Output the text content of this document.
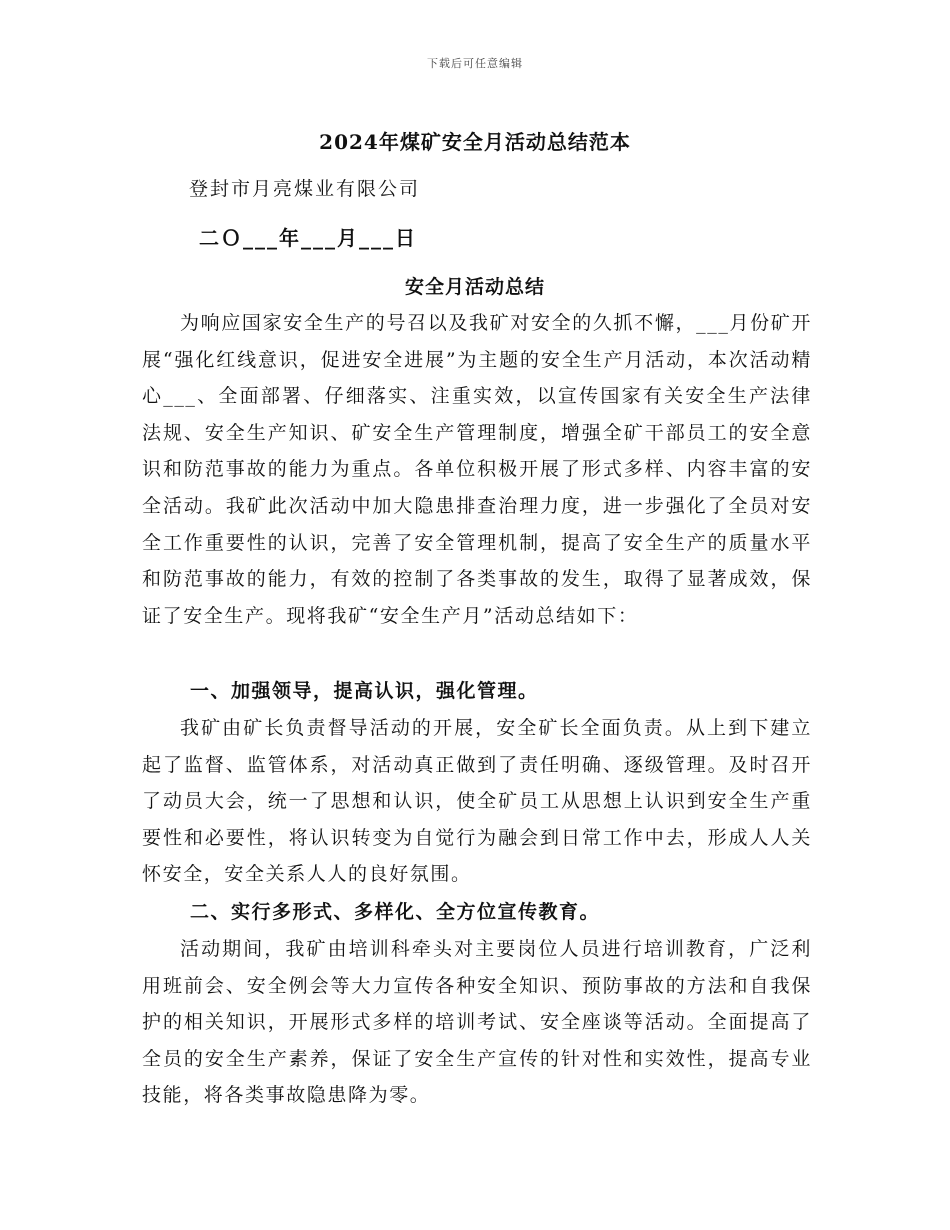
下载后可任意编辑
2024年煤矿安全月活动总结范本
登封市月亮煤业有限公司
二Ｏ___年___月___日
安全月活动总结

为响应国家安全生产的号召以及我矿对安全的久抓不懈，___月份矿开展“强化红线意识，促进安全进展”为主题的安全生产月活动，本次活动精心___、全面部署、仔细落实、注重实效，以宣传国家有关安全生产法律法规、安全生产知识、矿安全生产管理制度，增强全矿干部员工的安全意识和防范事故的能力为重点。各单位积极开展了形式多样、内容丰富的安全活动。我矿此次活动中加大隐患排查治理力度，进一步强化了全员对安全工作重要性的认识，完善了安全管理机制，提高了安全生产的质量水平和防范事故的能力，有效的控制了各类事故的发生，取得了显著成效，保证了安全生产。现将我矿“安全生产月”活动总结如下：

一、加强领导，提高认识，强化管理。

我矿由矿长负责督导活动的开展，安全矿长全面负责。从上到下建立起了监督、监管体系，对活动真正做到了责任明确、逐级管理。及时召开了动员大会，统一了思想和认识，使全矿员工从思想上认识到安全生产重要性和必要性，将认识转变为自觉行为融会到日常工作中去，形成人人关怀安全，安全关系人人的良好氛围。

二、实行多形式、多样化、全方位宣传教育。

活动期间，我矿由培训科牵头对主要岗位人员进行培训教育，广泛利用班前会、安全例会等大力宣传各种安全知识、预防事故的方法和自我保护的相关知识，开展形式多样的培训考试、安全座谈等活动。全面提高了全员的安全生产素养，保证了安全生产宣传的针对性和实效性，提高专业技能，将各类事故隐患降为零。
